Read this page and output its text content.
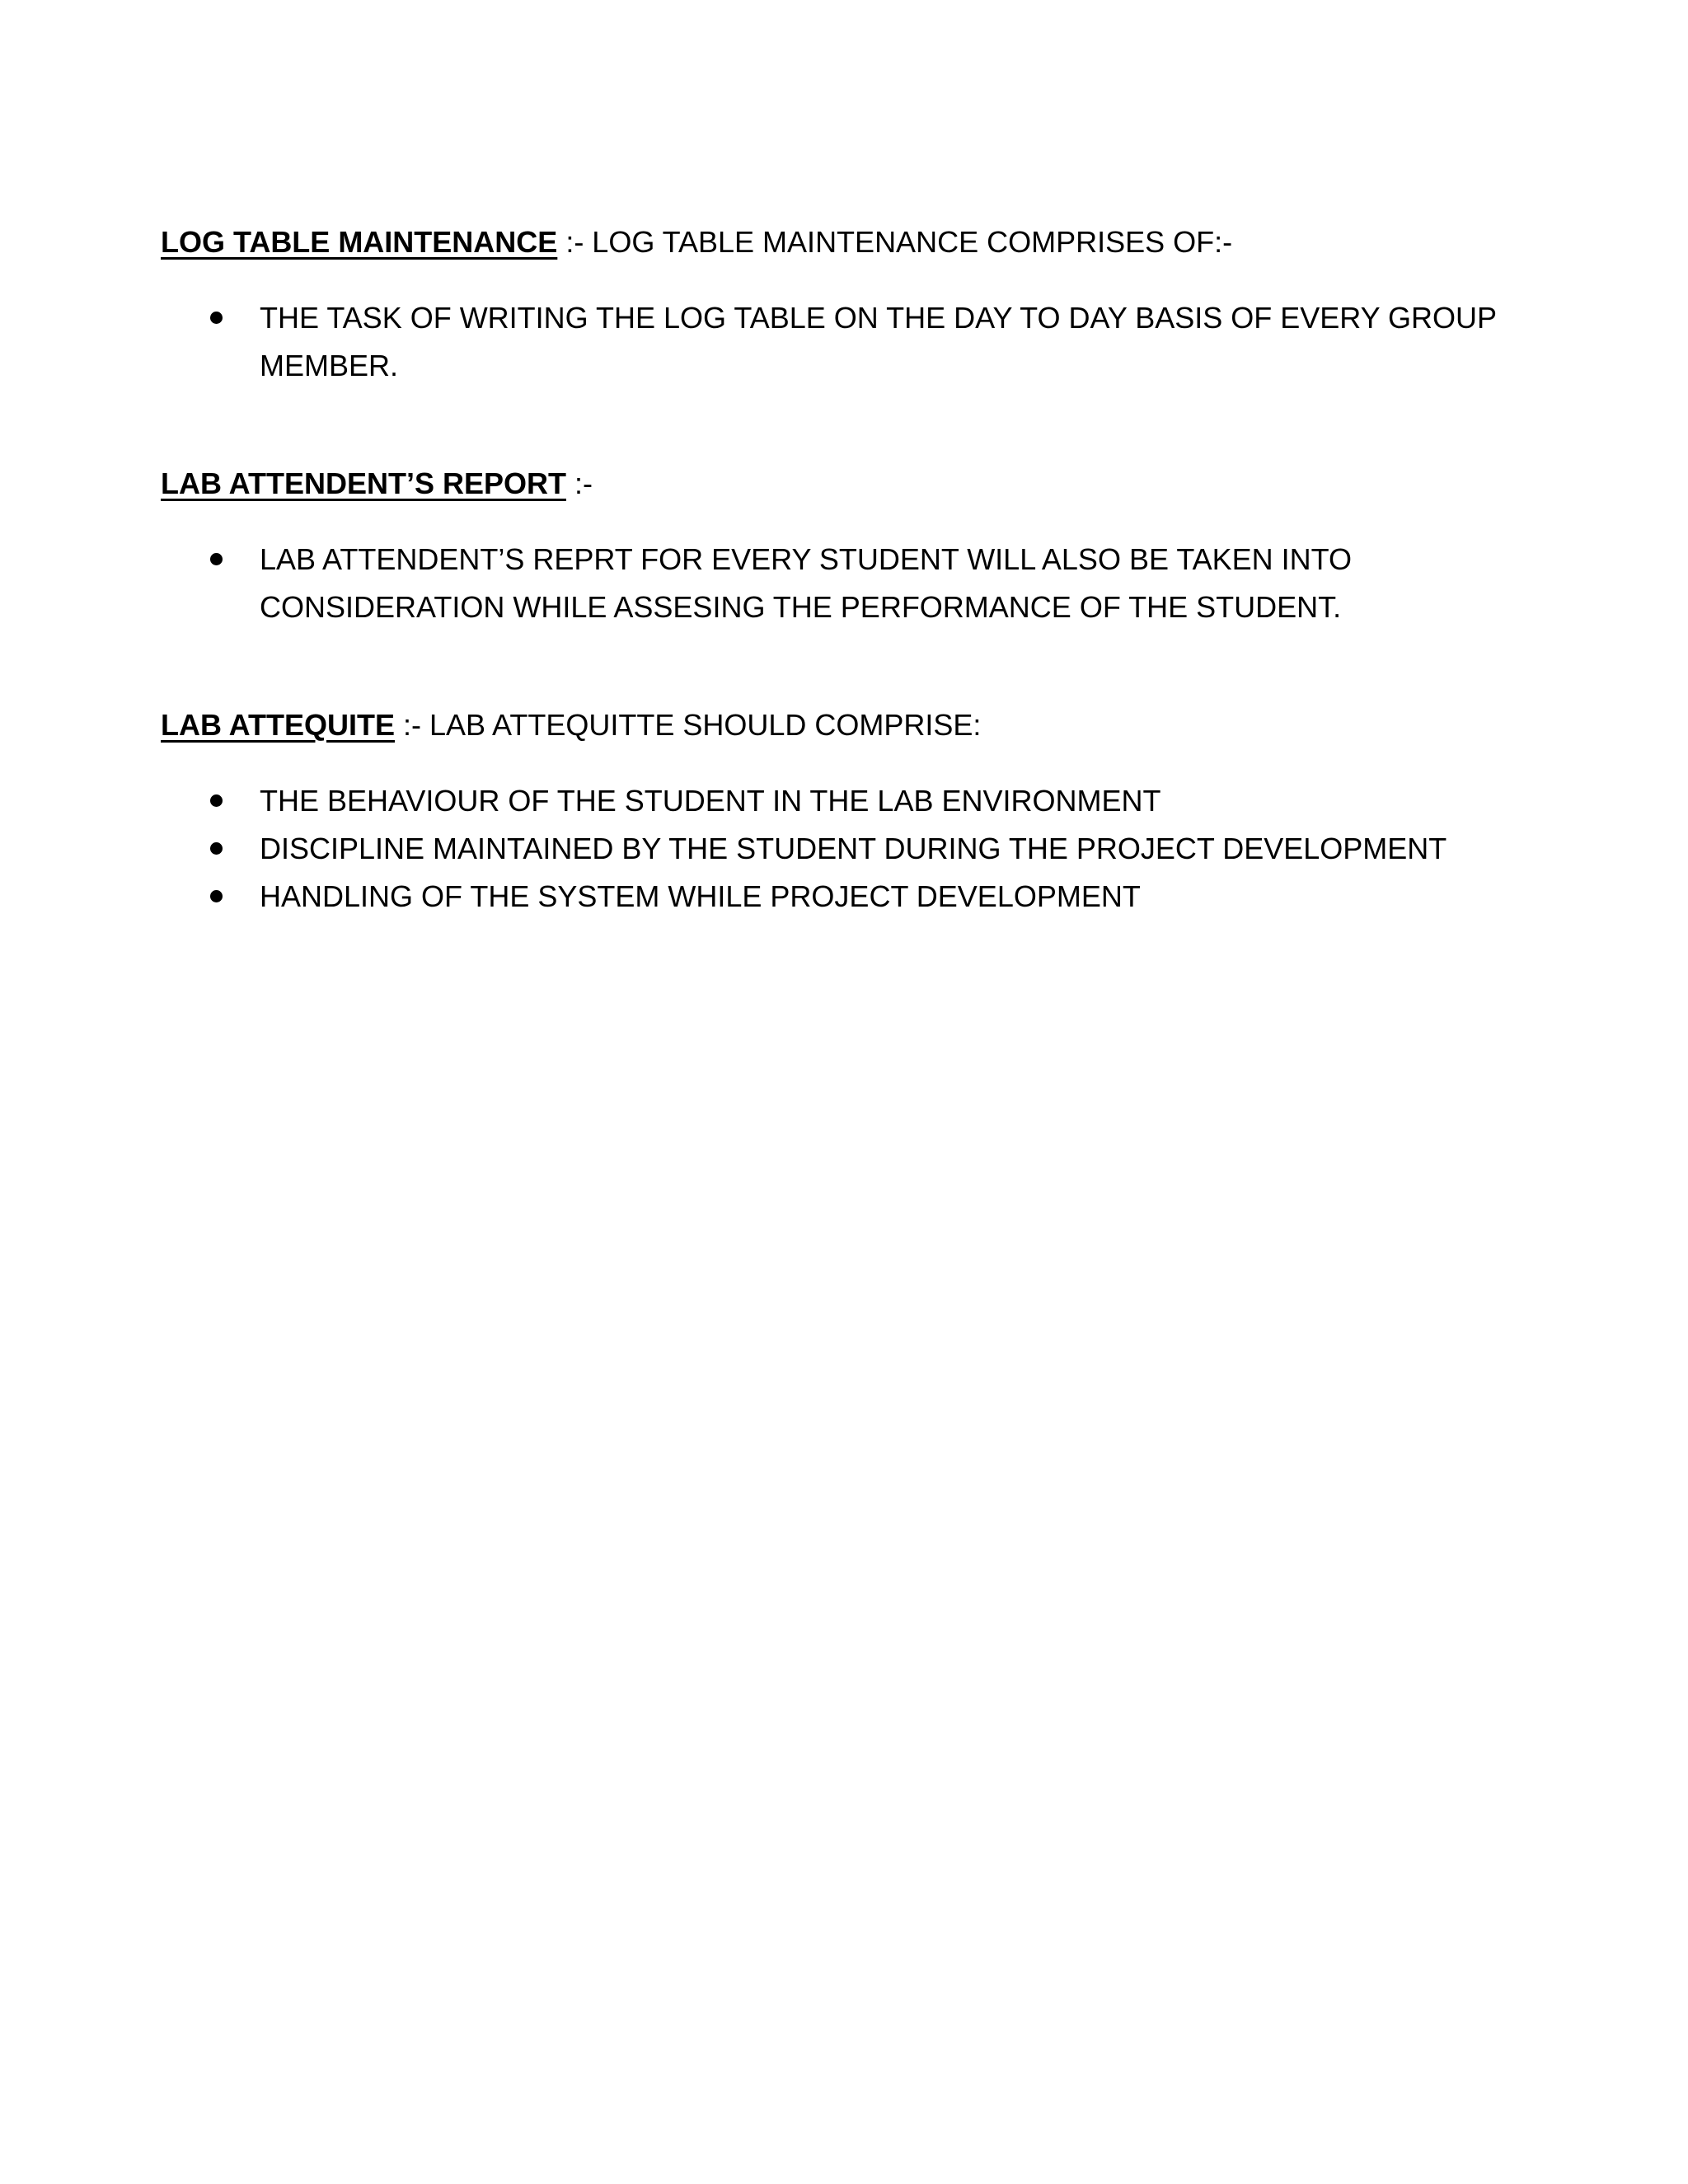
LOG TABLE MAINTENANCE :- LOG TABLE MAINTENANCE COMPRISES OF:-

THE TASK OF WRITING THE LOG TABLE ON THE DAY TO DAY BASIS OF EVERY GROUP MEMBER.

LAB ATTENDENT’S REPORT :-

LAB ATTENDENT’S REPRT FOR EVERY STUDENT WILL ALSO BE TAKEN INTO CONSIDERATION WHILE ASSESING THE PERFORMANCE OF THE STUDENT.

LAB ATTEQUITE :- LAB ATTEQUITTE SHOULD COMPRISE:

THE BEHAVIOUR OF THE STUDENT IN THE LAB ENVIRONMENT
DISCIPLINE MAINTAINED BY THE STUDENT DURING THE PROJECT DEVELOPMENT
HANDLING OF THE SYSTEM WHILE PROJECT DEVELOPMENT
